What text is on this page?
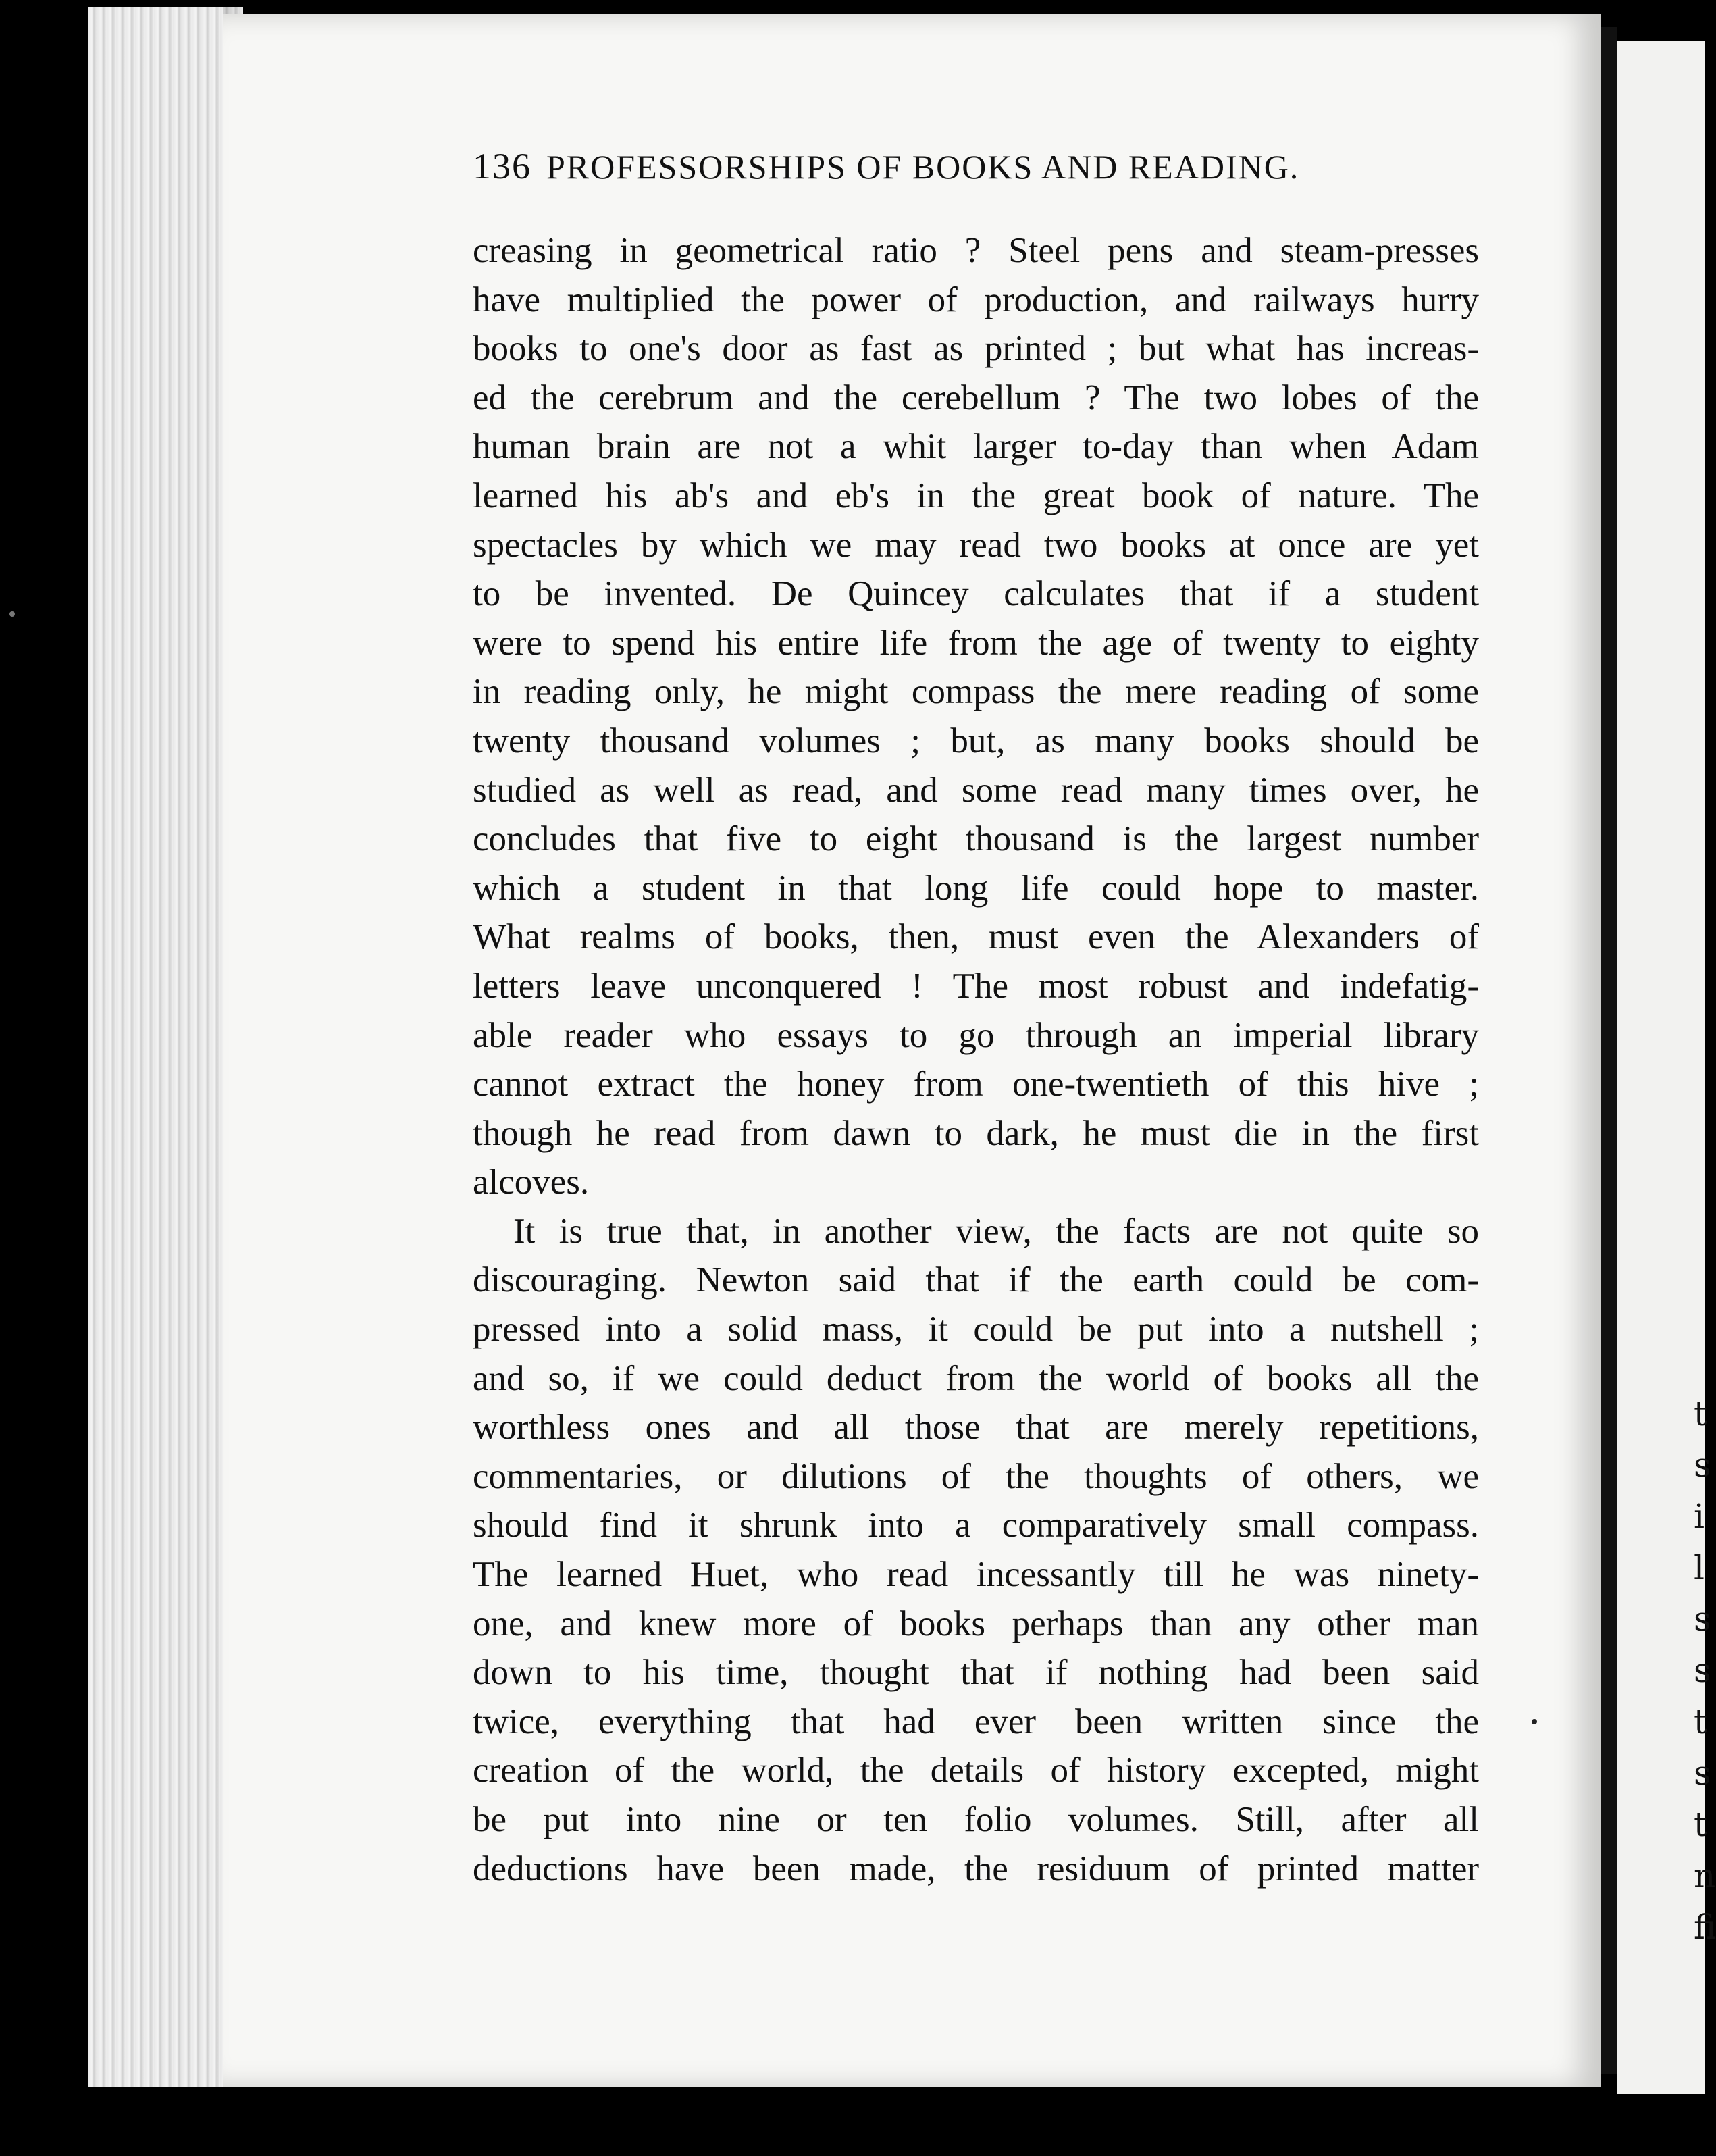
t
s
i
l
s
s
t
s
t
n
fi
136 PROFESSORSHIPS OF BOOKS AND READING.
creasing in geometrical ratio ? Steel pens and steam-presses
have multiplied the power of production, and railways hurry
books to one's door as fast as printed ; but what has increas-
ed the cerebrum and the cerebellum ? The two lobes of the
human brain are not a whit larger to-day than when Adam
learned his ab's and eb's in the great book of nature. The
spectacles by which we may read two books at once are yet
to be invented. De Quincey calculates that if a student
were to spend his entire life from the age of twenty to eighty
in reading only, he might compass the mere reading of some
twenty thousand volumes ; but, as many books should be
studied as well as read, and some read many times over, he
concludes that five to eight thousand is the largest number
which a student in that long life could hope to master.
What realms of books, then, must even the Alexanders of
letters leave unconquered ! The most robust and indefatig-
able reader who essays to go through an imperial library
cannot extract the honey from one-twentieth of this hive ;
though he read from dawn to dark, he must die in the first
alcoves.
It is true that, in another view, the facts are not quite so
discouraging. Newton said that if the earth could be com-
pressed into a solid mass, it could be put into a nutshell ;
and so, if we could deduct from the world of books all the
worthless ones and all those that are merely repetitions,
commentaries, or dilutions of the thoughts of others, we
should find it shrunk into a comparatively small compass.
The learned Huet, who read incessantly till he was ninety-
one, and knew more of books perhaps than any other man
down to his time, thought that if nothing had been said
twice, everything that had ever been written since the
creation of the world, the details of history excepted, might
be put into nine or ten folio volumes. Still, after all
deductions have been made, the residuum of printed matter
